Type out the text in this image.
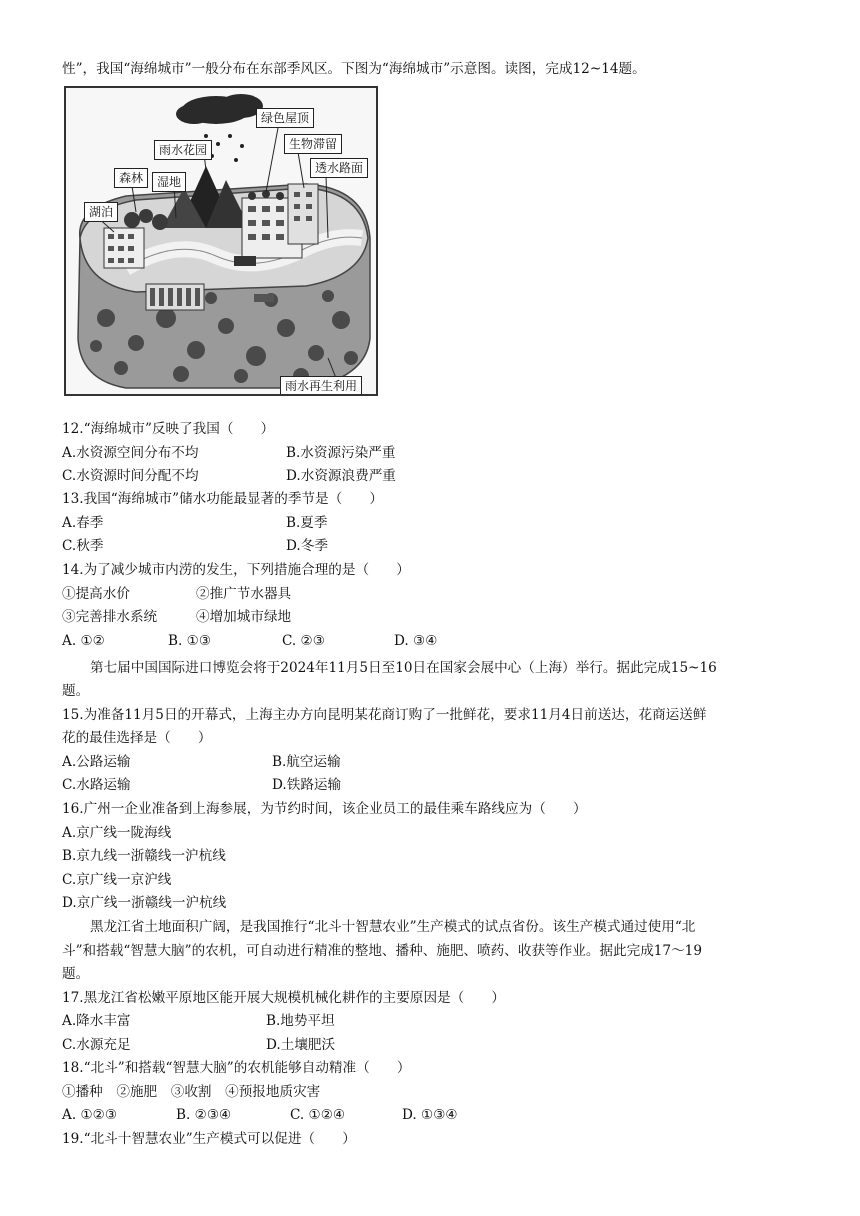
性”，我国“海绵城市”一般分布在东部季风区。下图为“海绵城市”示意图。读图，完成12~14题。
绿色屋顶
生物滞留
透水路面
雨水花园
森林	湿地
湖泊
雨水再生利用
12.“海绵城市”反映了我国（　　）
A.水资源空间分布不均	B.水资源污染严重
C.水资源时间分配不均	D.水资源浪费严重
13.我国“海绵城市”储水功能最显著的季节是（　　）
A.春季	B.夏季
C.秋季	D.冬季
14.为了减少城市内涝的发生，下列措施合理的是（　　）
①提高水价	②推广节水器具
③完善排水系统	④增加城市绿地
A. ①②	B. ①③	C. ②③	D. ③④
第七届中国国际进口博览会将于2024年11月5日至10日在国家会展中心（上海）举行。据此完成15~16
题。
15.为准备11月5日的开幕式，上海主办方向昆明某花商订购了一批鲜花，要求11月4日前送达，花商运送鲜
花的最佳选择是（　　）
A.公路运输	B.航空运输
C.水路运输	D.铁路运输
16.广州一企业准备到上海参展，为节约时间，该企业员工的最佳乘车路线应为（　　）
A.京广线一陇海线
B.京九线一浙赣线一沪杭线
C.京广线一京沪线
D.京广线一浙赣线一沪杭线
黑龙江省土地面积广阔，是我国推行“北斗十智慧农业”生产模式的试点省份。该生产模式通过使用“北
斗”和搭载“智慧大脑”的农机，可自动进行精准的整地、播种、施肥、喷药、收获等作业。据此完成17～19
题。
17.黑龙江省松嫩平原地区能开展大规模机械化耕作的主要原因是（　　）
A.降水丰富	B.地势平坦
C.水源充足	D.土壤肥沃
18.“北斗”和搭载“智慧大脑”的农机能够自动精准（　　）
①播种　②施肥　③收割　④预报地质灾害
A. ①②③	B. ②③④	C. ①②④	D. ①③④
19.“北斗十智慧农业”生产模式可以促进（　　）
